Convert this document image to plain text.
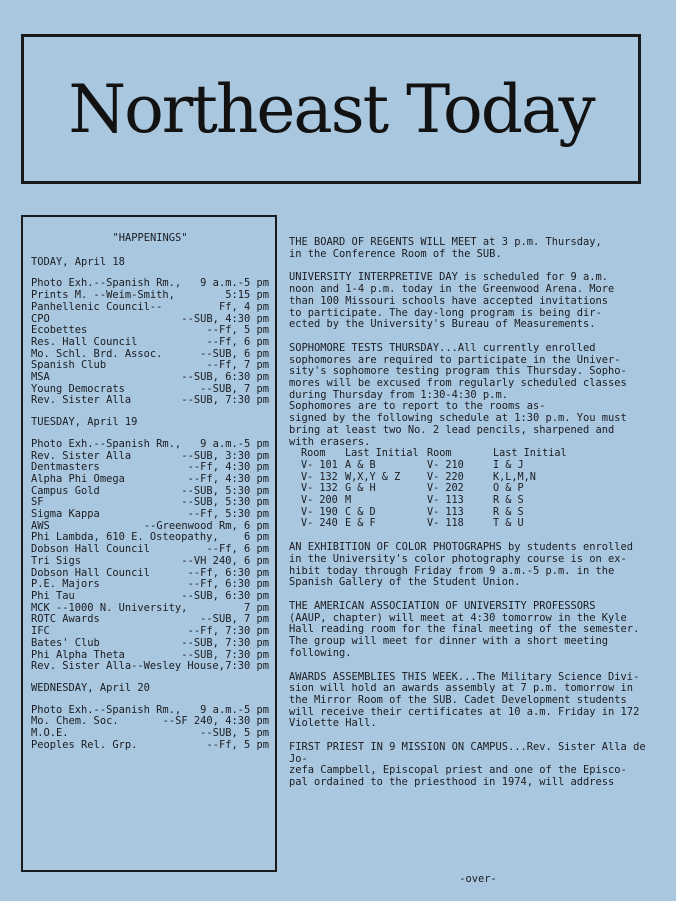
Northeast Today
"HAPPENINGS"
TODAY, April 18
Photo Exh.--Spanish Rm.,	9 a.m.-5 pm
Prints M. --Weim-Smith,	5:15 pm
Panhellenic Council--	Ff, 4 pm
CPO	--SUB, 4:30 pm
Ecobettes	--Ff, 5 pm
Res. Hall Council	--Ff, 6 pm
Mo. Schl. Brd. Assoc.	--SUB, 6 pm
Spanish Club	--Ff, 7 pm
MSA	--SUB, 6:30 pm
Young Democrats	--SUB, 7 pm
Rev. Sister Alla	--SUB, 7:30 pm
TUESDAY, April 19
Photo Exh.--Spanish Rm.,	9 a.m.-5 pm
Rev. Sister Alla	--SUB, 3:30 pm
Dentmasters	--Ff, 4:30 pm
Alpha Phi Omega	--Ff, 4:30 pm
Campus Gold	--SUB, 5:30 pm
SF	--SUB, 5:30 pm
Sigma Kappa	--Ff, 5:30 pm
AWS	--Greenwood Rm, 6 pm
Phi Lambda, 610 E. Osteopathy,	6 pm
Dobson Hall Council	--Ff, 6 pm
Tri Sigs	--VH 240, 6 pm
Dobson Hall Council	--Ff, 6:30 pm
P.E. Majors	--Ff, 6:30 pm
Phi Tau	--SUB, 6:30 pm
MCK --1000 N. University,	7 pm
ROTC Awards	--SUB, 7 pm
IFC	--Ff, 7:30 pm
Bates' Club	--SUB, 7:30 pm
Phi Alpha Theta	--SUB, 7:30 pm
Rev. Sister Alla--Wesley House, 7:30 pm
WEDNESDAY, April 20
Photo Exh.--Spanish Rm.,	9 a.m.-5 pm
Mo. Chem. Soc.	--SF 240, 4:30 pm
M.O.E.	--SUB, 5 pm
Peoples Rel. Grp.	--Ff, 5 pm
THE BOARD OF REGENTS WILL MEET at 3 p.m. Thursday,
in the Conference Room of the SUB.
UNIVERSITY INTERPRETIVE DAY is scheduled for 9 a.m.
noon and 1-4 p.m. today in the Greenwood Arena. More
than 100 Missouri schools have accepted invitations
to participate. The day-long program is being dir-
ected by the University's Bureau of Measurements.
SOPHOMORE TESTS THURSDAY...All currently enrolled
sophomores are required to participate in the Univer-
sity's sophomore testing program this Thursday. Sopho-
mores will be excused from regularly scheduled classes
during Thursday from 1:30-4:30 p.m.
Sophomores are to report to the rooms as-
signed by the following schedule at 1:30 p.m. You must
bring at least two No. 2 lead pencils, sharpened and
with erasers.
Room	Last Initial Room	Last Initial
V- 101 A & B	V- 210	I & J
V- 132 W,X,Y & Z	V- 220	K,L,M,N
V- 132 G & H	V- 202	O & P
V- 200 M	V- 113	R & S
V- 190 C & D	V- 113	R & S
V- 240 E & F	V- 118	T & U
AN EXHIBITION OF COLOR PHOTOGRAPHS by students enrolled
in the University's color photography course is on ex-
hibit today through Friday from 9 a.m.-5 p.m. in the
Spanish Gallery of the Student Union.
THE AMERICAN ASSOCIATION OF UNIVERSITY PROFESSORS
(AAUP, chapter) will meet at 4:30 tomorrow in the Kyle
Hall reading room for the final meeting of the semester.
The group will meet for dinner with a short meeting
following.
AWARDS ASSEMBLIES THIS WEEK...The Military Science Divi-
sion will hold an awards assembly at 7 p.m. tomorrow in
the Mirror Room of the SUB. Cadet Development students
will receive their certificates at 10 a.m. Friday in 172
Violette Hall.
FIRST PRIEST IN 9 MISSION ON CAMPUS...Rev. Sister Alla de Jo-
zefa Campbell, Episcopal priest and one of the Episco-
pal ordained to the priesthood in 1974, will address
-over-
